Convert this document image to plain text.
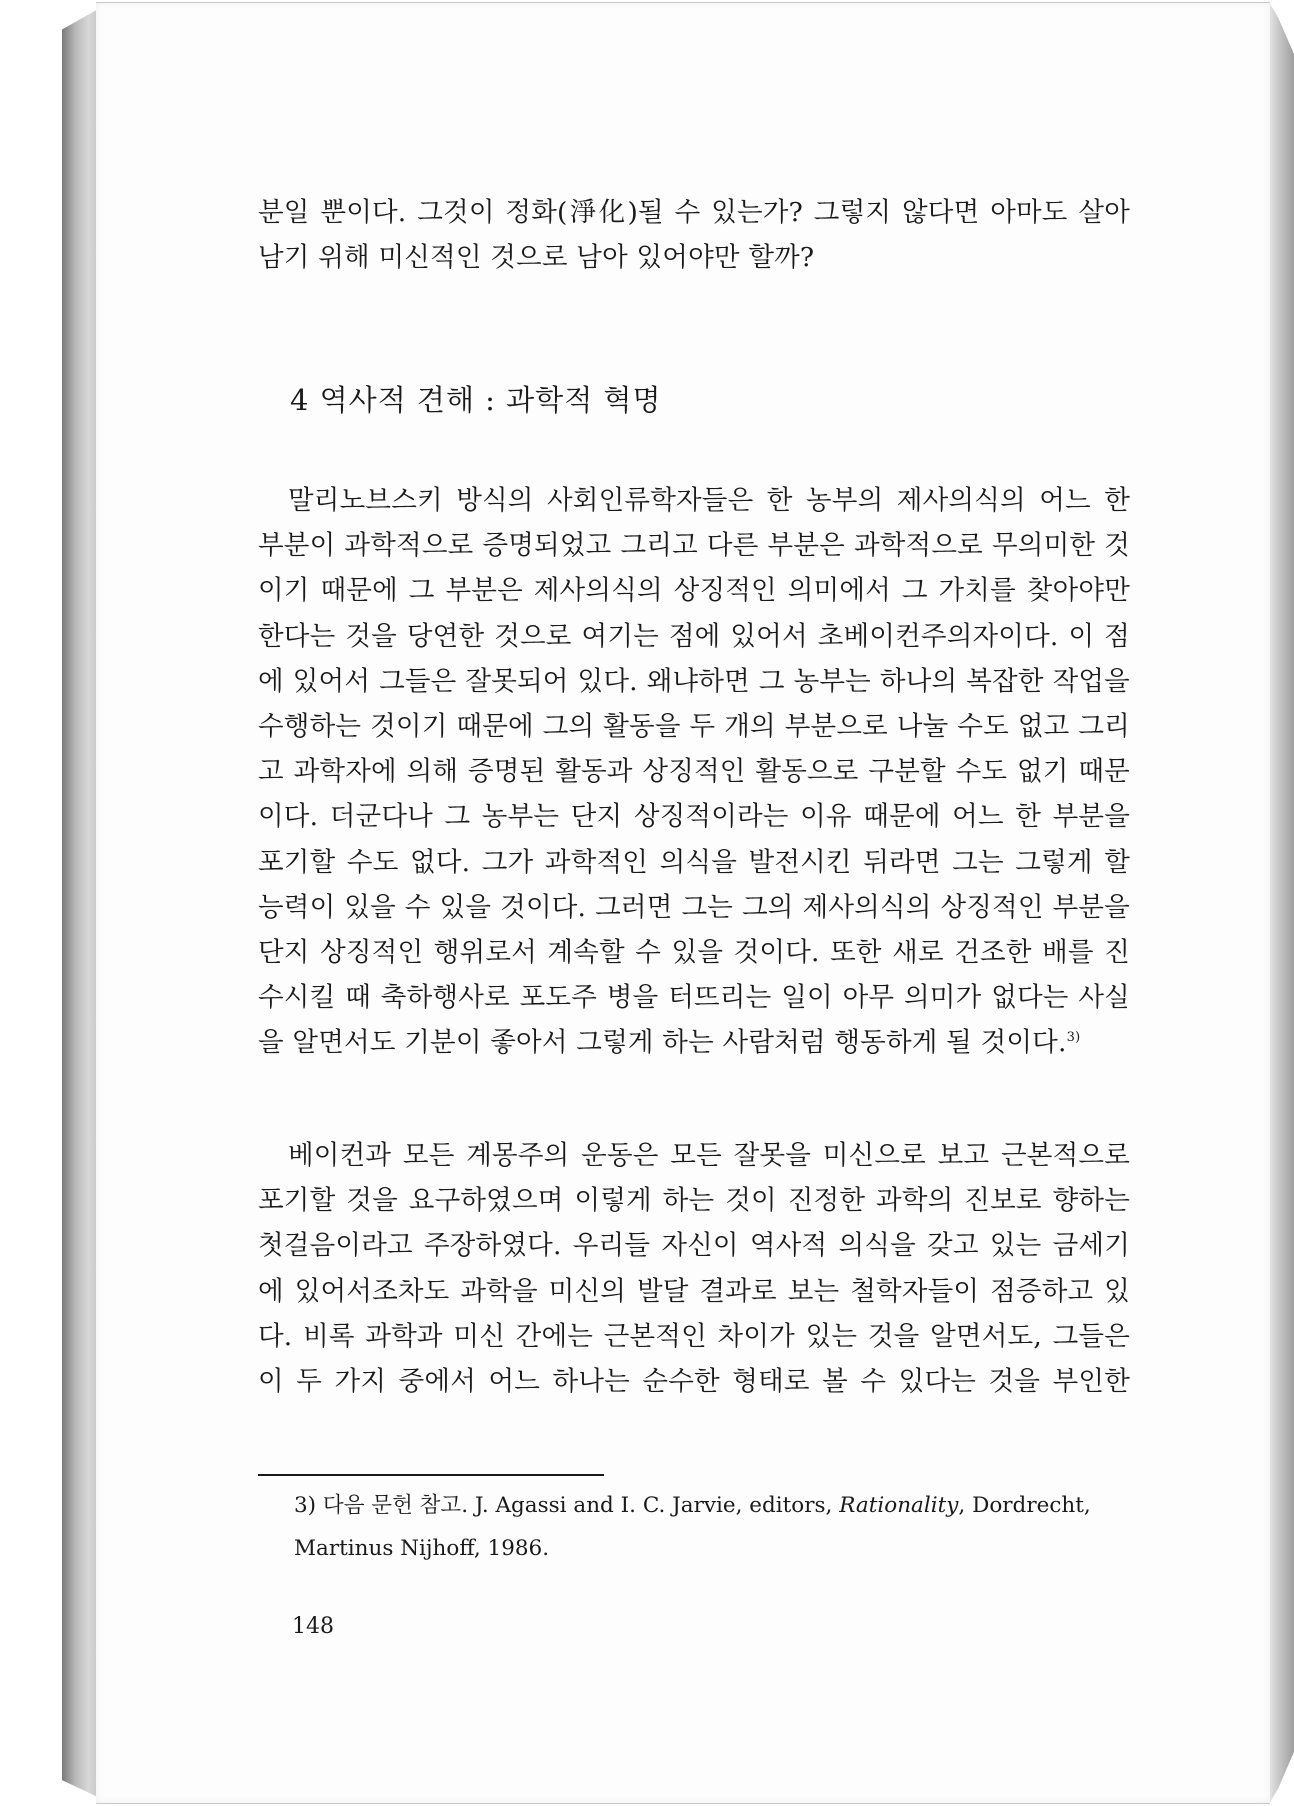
분일 뿐이다. 그것이 정화(淨化)될 수 있는가? 그렇지 않다면 아마도 살아 남기 위해 미신적인 것으로 남아 있어야만 할까?
4 역사적 견해 : 과학적 혁명
말리노브스키 방식의 사회인류학자들은 한 농부의 제사의식의 어느 한 부분이 과학적으로 증명되었고 그리고 다른 부분은 과학적으로 무의미한 것이기 때문에 그 부분은 제사의식의 상징적인 의미에서 그 가치를 찾아야만 한다는 것을 당연한 것으로 여기는 점에 있어서 초베이컨주의자이다. 이 점에 있어서 그들은 잘못되어 있다. 왜냐하면 그 농부는 하나의 복잡한 작업을 수행하는 것이기 때문에 그의 활동을 두 개의 부분으로 나눌 수도 없고 그리고 과학자에 의해 증명된 활동과 상징적인 활동으로 구분할 수도 없기 때문이다. 더군다나 그 농부는 단지 상징적이라는 이유 때문에 어느 한 부분을 포기할 수도 없다. 그가 과학적인 의식을 발전시킨 뒤라면 그는 그렇게 할 능력이 있을 수 있을 것이다. 그러면 그는 그의 제사의식의 상징적인 부분을 단지 상징적인 행위로서 계속할 수 있을 것이다. 또한 새로 건조한 배를 진수시킬 때 축하행사로 포도주 병을 터뜨리는 일이 아무 의미가 없다는 사실을 알면서도 기분이 좋아서 그렇게 하는 사람처럼 행동하게 될 것이다.$^{3)}$
베이컨과 모든 계몽주의 운동은 모든 잘못을 미신으로 보고 근본적으로 포기할 것을 요구하였으며 이렇게 하는 것이 진정한 과학의 진보로 향하는 첫걸음이라고 주장하였다. 우리들 자신이 역사적 의식을 갖고 있는 금세기에 있어서조차도 과학을 미신의 발달 결과로 보는 철학자들이 점증하고 있다. 비록 과학과 미신 간에는 근본적인 차이가 있는 것을 알면서도, 그들은 이 두 가지 중에서 어느 하나는 순수한 형태로 볼 수 있다는 것을 부인한
3) 다음 문헌 참고. J. Agassi and I. C. Jarvie, editors, Rationality, Dordrecht, Martinus Nijhoff, 1986.
148
